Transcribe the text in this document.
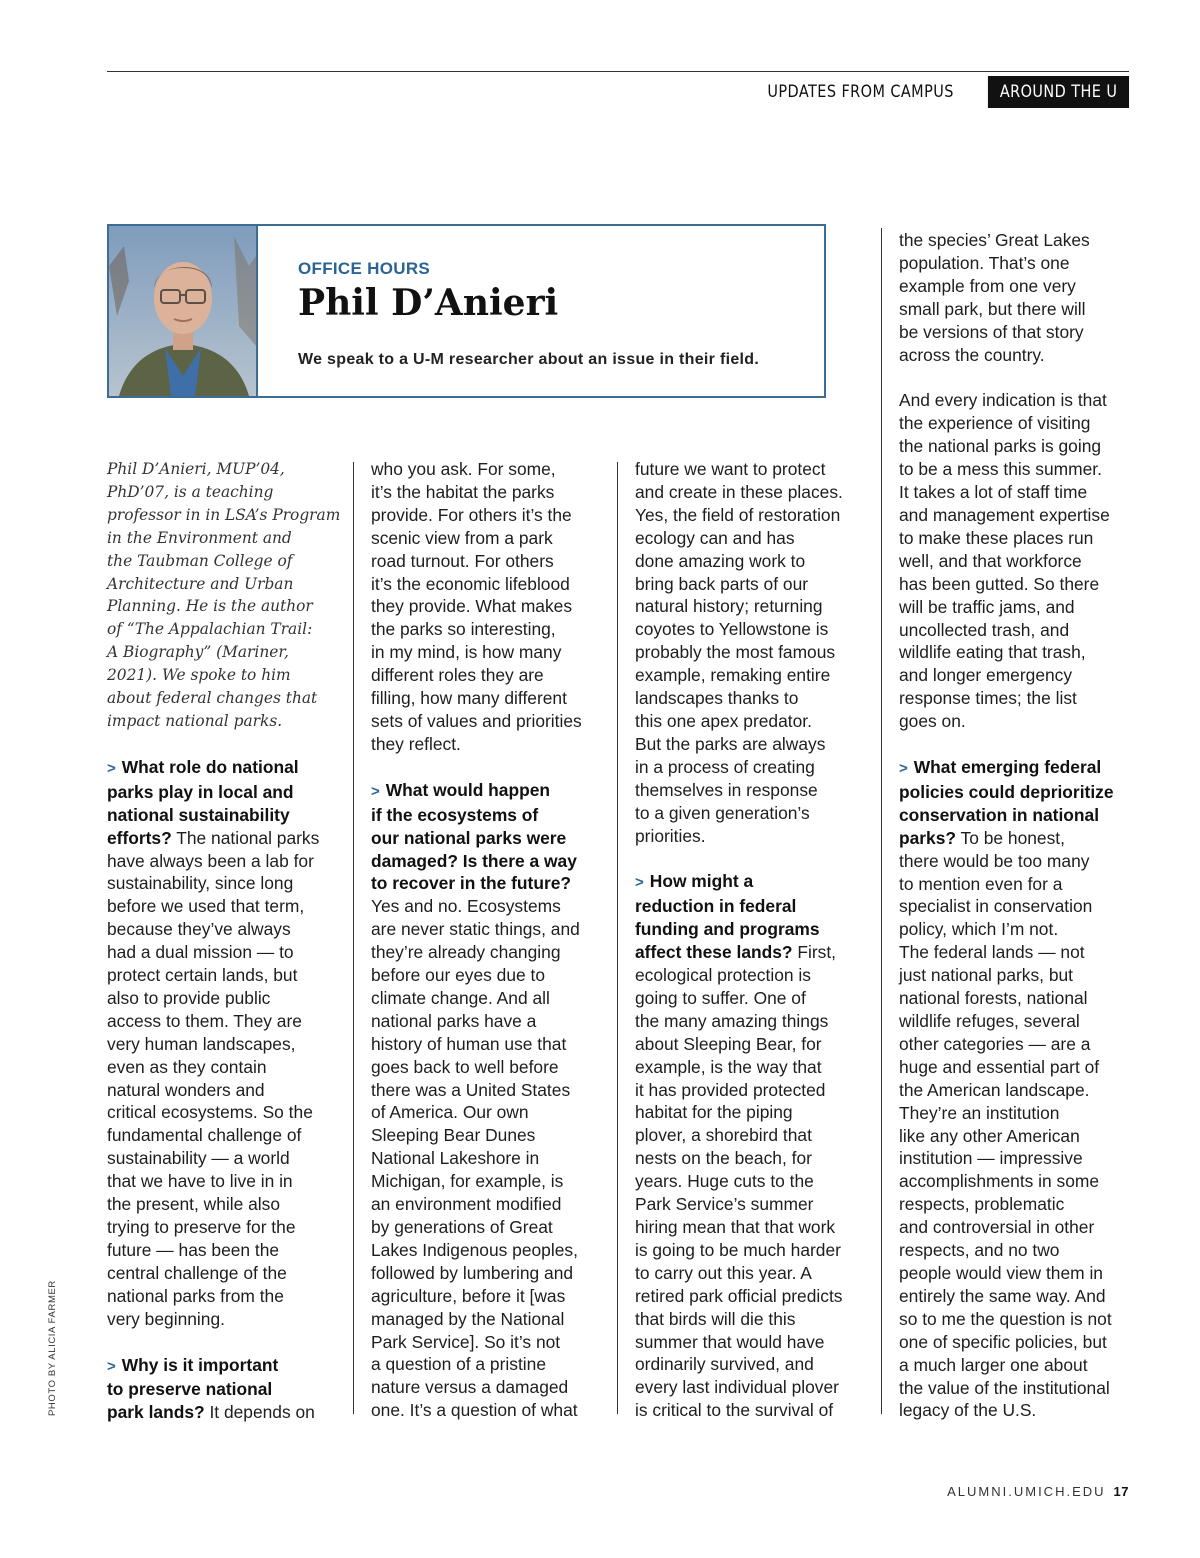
UPDATES FROM CAMPUS	AROUND THE U
OFFICE HOURS
Phil D’Anieri
We speak to a U-M researcher about an issue in their field.
Phil D’Anieri, MUP’04,
PhD’07, is a teaching
professor in in LSA’s Program
in the Environment and
the Taubman College of
Architecture and Urban
Planning. He is the author
of “The Appalachian Trail:
A Biography” (Mariner,
2021). We spoke to him
about federal changes that
impact national parks.
> What role do national
parks play in local and
national sustainability
efforts? The national parks
have always been a lab for
sustainability, since long
before we used that term,
because they’ve always
had a dual mission — to
protect certain lands, but
also to provide public
access to them. They are
very human landscapes,
even as they contain
natural wonders and
critical ecosystems. So the
fundamental challenge of
sustainability — a world
that we have to live in in
the present, while also
trying to preserve for the
future — has been the
central challenge of the
national parks from the
very beginning.
> Why is it important
to preserve national
park lands? It depends on
who you ask. For some,
it’s the habitat the parks
provide. For others it’s the
scenic view from a park
road turnout. For others
it’s the economic lifeblood
they provide. What makes
the parks so interesting,
in my mind, is how many
different roles they are
filling, how many different
sets of values and priorities
they reflect.
> What would happen
if the ecosystems of
our national parks were
damaged? Is there a way
to recover in the future?
Yes and no. Ecosystems
are never static things, and
they’re already changing
before our eyes due to
climate change. And all
national parks have a
history of human use that
goes back to well before
there was a United States
of America. Our own
Sleeping Bear Dunes
National Lakeshore in
Michigan, for example, is
an environment modified
by generations of Great
Lakes Indigenous peoples,
followed by lumbering and
agriculture, before it [was
managed by the National
Park Service]. So it’s not
a question of a pristine
nature versus a damaged
one. It’s a question of what
future we want to protect
and create in these places.
Yes, the field of restoration
ecology can and has
done amazing work to
bring back parts of our
natural history; returning
coyotes to Yellowstone is
probably the most famous
example, remaking entire
landscapes thanks to
this one apex predator.
But the parks are always
in a process of creating
themselves in response
to a given generation’s
priorities.
> How might a
reduction in federal
funding and programs
affect these lands? First,
ecological protection is
going to suffer. One of
the many amazing things
about Sleeping Bear, for
example, is the way that
it has provided protected
habitat for the piping
plover, a shorebird that
nests on the beach, for
years. Huge cuts to the
Park Service’s summer
hiring mean that that work
is going to be much harder
to carry out this year. A
retired park official predicts
that birds will die this
summer that would have
ordinarily survived, and
every last individual plover
is critical to the survival of
the species’ Great Lakes
population. That’s one
example from one very
small park, but there will
be versions of that story
across the country.
And every indication is that
the experience of visiting
the national parks is going
to be a mess this summer.
It takes a lot of staff time
and management expertise
to make these places run
well, and that workforce
has been gutted. So there
will be traffic jams, and
uncollected trash, and
wildlife eating that trash,
and longer emergency
response times; the list
goes on.
> What emerging federal
policies could deprioritize
conservation in national
parks? To be honest,
there would be too many
to mention even for a
specialist in conservation
policy, which I’m not.
The federal lands — not
just national parks, but
national forests, national
wildlife refuges, several
other categories — are a
huge and essential part of
the American landscape.
They’re an institution
like any other American
institution — impressive
accomplishments in some
respects, problematic
and controversial in other
respects, and no two
people would view them in
entirely the same way. And
so to me the question is not
one of specific policies, but
a much larger one about
the value of the institutional
legacy of the U.S.
PHOTO BY ALICIA FARMER
ALUMNI.UMICH.EDU 17
